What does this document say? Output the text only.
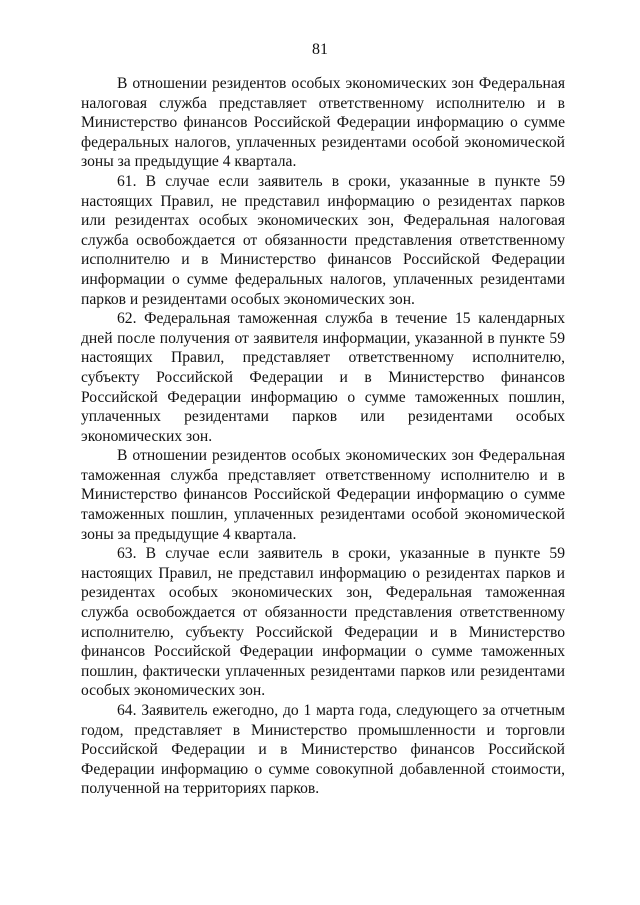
81

В отношении резидентов особых экономических зон Федеральная налоговая служба представляет ответственному исполнителю и в Министерство финансов Российской Федерации информацию о сумме федеральных налогов, уплаченных резидентами особой экономической зоны за предыдущие 4 квартала.

61. В случае если заявитель в сроки, указанные в пункте 59 настоящих Правил, не представил информацию о резидентах парков или резидентах особых экономических зон, Федеральная налоговая служба освобождается от обязанности представления ответственному исполнителю и в Министерство финансов Российской Федерации информации о сумме федеральных налогов, уплаченных резидентами парков и резидентами особых экономических зон.

62. Федеральная таможенная служба в течение 15 календарных дней после получения от заявителя информации, указанной в пункте 59 настоящих Правил, представляет ответственному исполнителю, субъекту Российской Федерации и в Министерство финансов Российской Федерации информацию о сумме таможенных пошлин, уплаченных резидентами парков или резидентами особых экономических зон.

В отношении резидентов особых экономических зон Федеральная таможенная служба представляет ответственному исполнителю и в Министерство финансов Российской Федерации информацию о сумме таможенных пошлин, уплаченных резидентами особой экономической зоны за предыдущие 4 квартала.

63. В случае если заявитель в сроки, указанные в пункте 59 настоящих Правил, не представил информацию о резидентах парков и резидентах особых экономических зон, Федеральная таможенная служба освобождается от обязанности представления ответственному исполнителю, субъекту Российской Федерации и в Министерство финансов Российской Федерации информации о сумме таможенных пошлин, фактически уплаченных резидентами парков или резидентами особых экономических зон.

64. Заявитель ежегодно, до 1 марта года, следующего за отчетным годом, представляет в Министерство промышленности и торговли Российской Федерации и в Министерство финансов Российской Федерации информацию о сумме совокупной добавленной стоимости, полученной на территориях парков.
